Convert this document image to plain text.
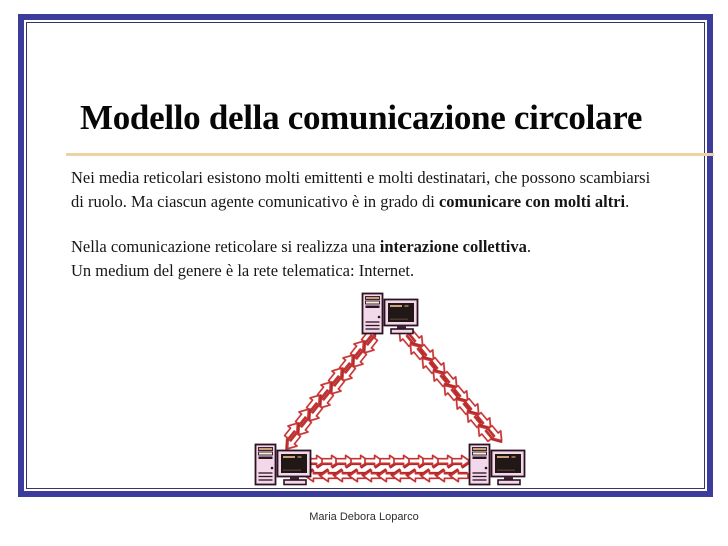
Modello della comunicazione circolare

Nei media reticolari esistono molti emittenti e molti destinatari, che possono scambiarsi
di ruolo. Ma ciascun agente comunicativo è in grado di comunicare con molti altri.

Nella comunicazione reticolare si realizza una interazione collettiva.
Un medium del genere è la rete telematica: Internet.

Maria Debora Loparco
